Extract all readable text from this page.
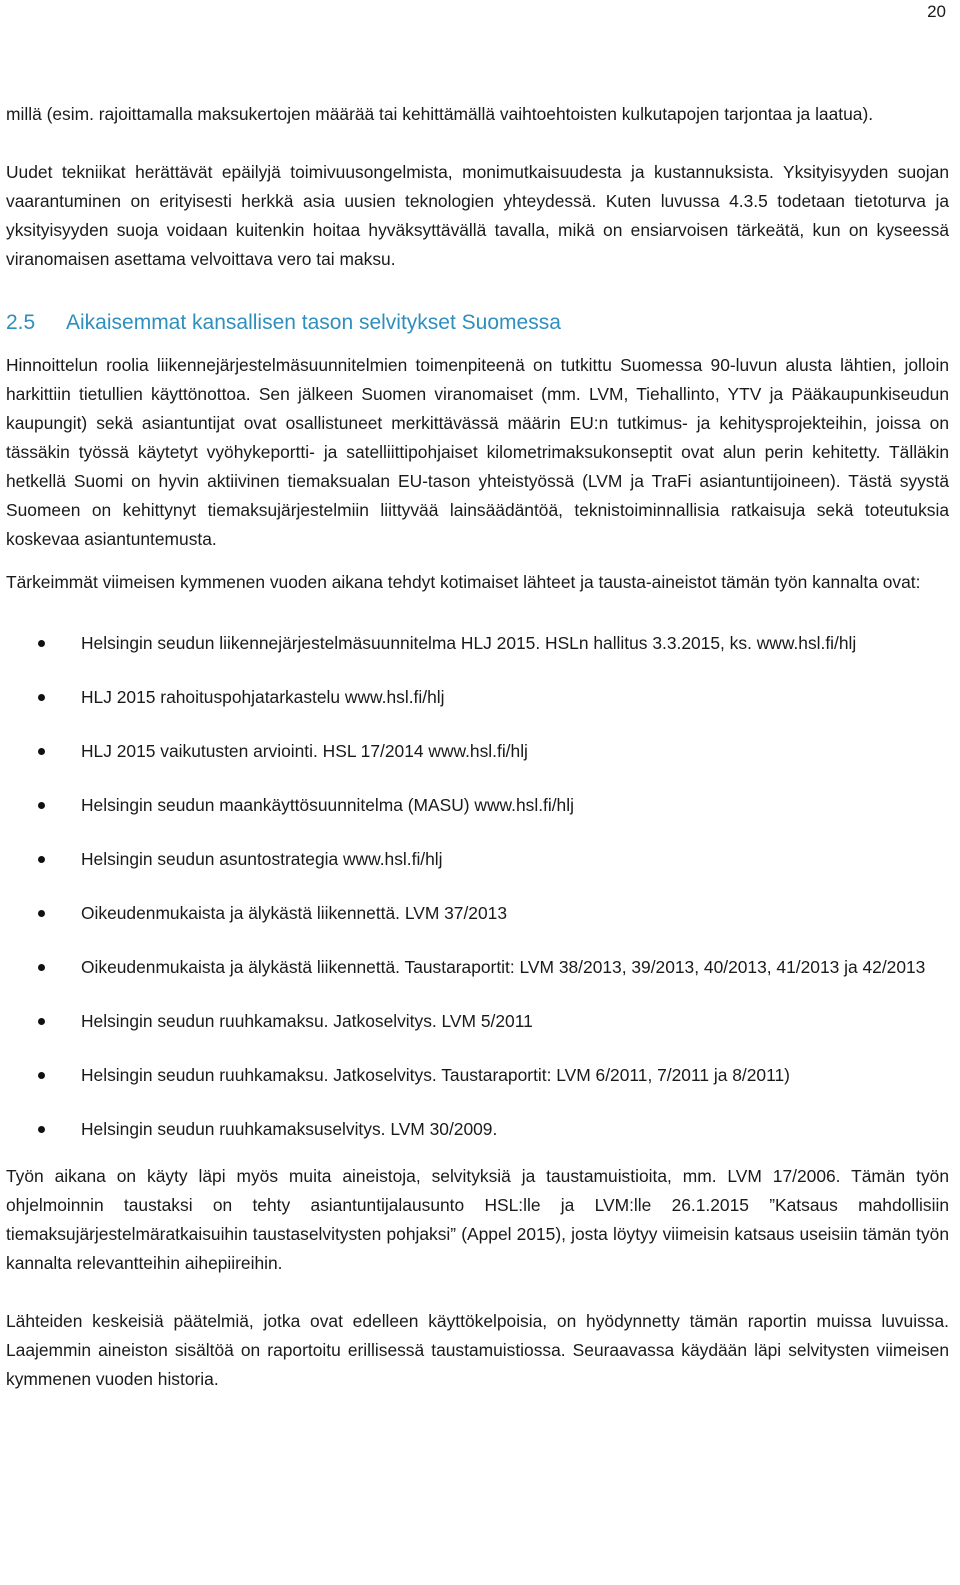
20

millä (esim. rajoittamalla maksukertojen määrää tai kehittämällä vaihtoehtoisten kulkutapojen tarjontaa ja laatua).

Uudet tekniikat herättävät epäilyjä toimivuusongelmista, monimutkaisuudesta ja kustannuksista. Yksityisyyden suojan vaarantuminen on erityisesti herkkä asia uusien teknologien yhteydessä. Kuten luvussa 4.3.5 todetaan tietoturva ja yksityisyyden suoja voidaan kuitenkin hoitaa hyväksyttävällä tavalla, mikä on ensiarvoisen tärkeätä, kun on kyseessä viranomaisen asettama velvoittava vero tai maksu.

2.5 Aikaisemmat kansallisen tason selvitykset Suomessa

Hinnoittelun roolia liikennejärjestelmäsuunnitelmien toimenpiteenä on tutkittu Suomessa 90-luvun alusta lähtien, jolloin harkittiin tietullien käyttönottoa. Sen jälkeen Suomen viranomaiset (mm. LVM, Tiehallinto, YTV ja Pääkaupunkiseudun kaupungit) sekä asiantuntijat ovat osallistuneet merkittävässä määrin EU:n tutkimus- ja kehitysprojekteihin, joissa on tässäkin työssä käytetyt vyöhykeportti- ja satelliittipohjaiset kilometrimaksukonseptit ovat alun perin kehitetty. Tälläkin hetkellä Suomi on hyvin aktiivinen tiemaksualan EU-tason yhteistyössä (LVM ja TraFi asiantuntijoineen). Tästä syystä Suomeen on kehittynyt tiemaksujärjestelmiin liittyvää lainsäädäntöä, teknistoiminnallisia ratkaisuja sekä toteutuksia koskevaa asiantuntemusta.

Tärkeimmät viimeisen kymmenen vuoden aikana tehdyt kotimaiset lähteet ja tausta-aineistot tämän työn kannalta ovat:

Helsingin seudun liikennejärjestelmäsuunnitelma HLJ 2015. HSLn hallitus 3.3.2015, ks. www.hsl.fi/hlj
HLJ 2015 rahoituspohjatarkastelu www.hsl.fi/hlj
HLJ 2015 vaikutusten arviointi. HSL 17/2014 www.hsl.fi/hlj
Helsingin seudun maankäyttösuunnitelma (MASU) www.hsl.fi/hlj
Helsingin seudun asuntostrategia www.hsl.fi/hlj
Oikeudenmukaista ja älykästä liikennettä. LVM 37/2013
Oikeudenmukaista ja älykästä liikennettä. Taustaraportit: LVM 38/2013, 39/2013, 40/2013, 41/2013 ja 42/2013
Helsingin seudun ruuhkamaksu. Jatkoselvitys. LVM 5/2011
Helsingin seudun ruuhkamaksu. Jatkoselvitys. Taustaraportit: LVM 6/2011, 7/2011 ja 8/2011)
Helsingin seudun ruuhkamaksuselvitys. LVM 30/2009.

Työn aikana on käyty läpi myös muita aineistoja, selvityksiä ja taustamuistioita, mm. LVM 17/2006. Tämän työn ohjelmoinnin taustaksi on tehty asiantuntijalausunto HSL:lle ja LVM:lle 26.1.2015 ”Katsaus mahdollisiin tiemaksujärjestelmäratkaisuihin taustaselvitysten pohjaksi” (Appel 2015), josta löytyy viimeisin katsaus useisiin tämän työn kannalta relevantteihin aihepiireihin.

Lähteiden keskeisiä päätelmiä, jotka ovat edelleen käyttökelpoisia, on hyödynnetty tämän raportin muissa luvuissa. Laajemmin aineiston sisältöä on raportoitu erillisessä taustamuistiossa. Seuraavassa käydään läpi selvitysten viimeisen kymmenen vuoden historia.
